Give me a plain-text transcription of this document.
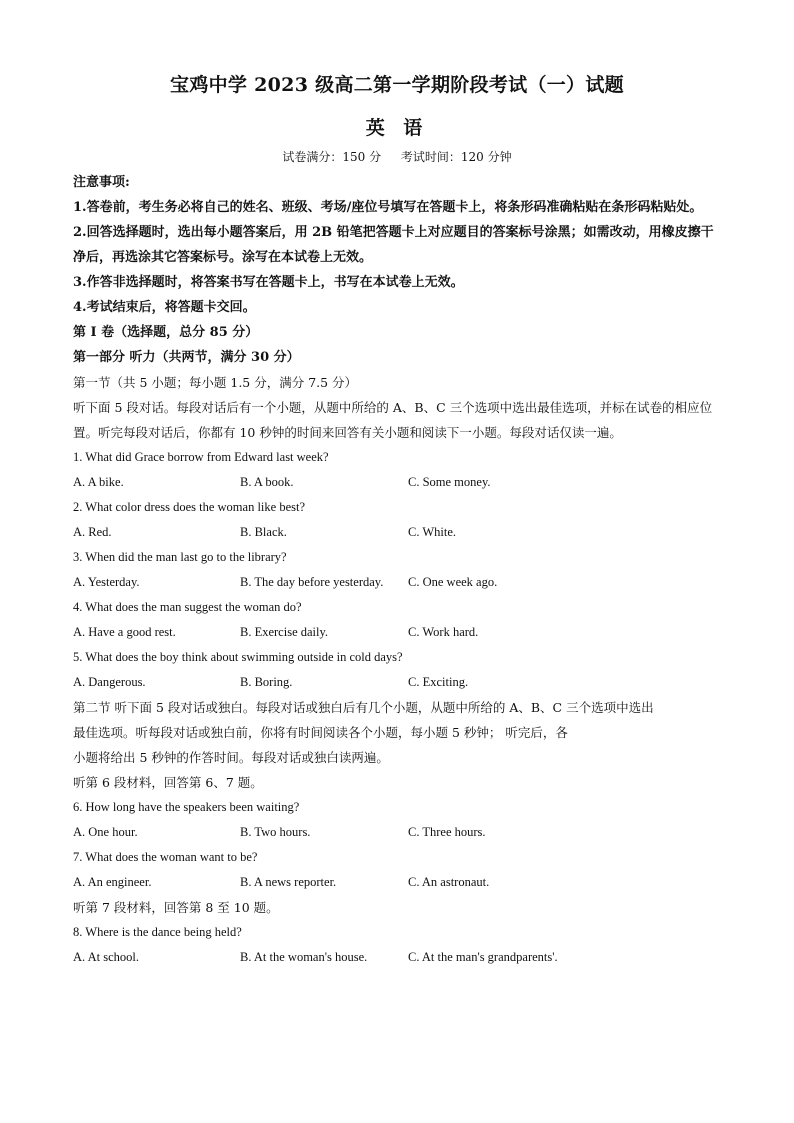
宝鸡中学 2023 级高二第一学期阶段考试（一）试题
英 语
试卷满分：150 分 考试时间：120 分钟
注意事项:
1.答卷前，考生务必将自己的姓名、班级、考场/座位号填写在答题卡上，将条形码准确粘贴在条形码粘贴处。
2.回答选择题时，选出每小题答案后，用 2B 铅笔把答题卡上对应题目的答案标号涂黑；如需改动，用橡皮擦干净后，再选涂其它答案标号。涂写在本试卷上无效。
3.作答非选择题时，将答案书写在答题卡上，书写在本试卷上无效。
4.考试结束后，将答题卡交回。
第 I 卷（选择题，总分 85 分）
第一部分 听力（共两节，满分 30 分）
第一节（共 5 小题；每小题 1.5 分，满分 7.5 分）
听下面 5 段对话。每段对话后有一个小题，从题中所给的 A、B、C 三个选项中选出最佳选项，并标在试卷的相应位置。听完每段对话后，你都有 10 秒钟的时间来回答有关小题和阅读下一小题。每段对话仅读一遍。
1. What did Grace borrow from Edward last week?
A. A bike.	B. A book.	C. Some money.
2. What color dress does the woman like best?
A. Red.	B. Black.	C. White.
3. When did the man last go to the library?
A. Yesterday.	B. The day before yesterday.	C. One week ago.
4. What does the man suggest the woman do?
A. Have a good rest.	B. Exercise daily.	C. Work hard.
5. What does the boy think about swimming outside in cold days?
A. Dangerous.	B. Boring.	C. Exciting.
第二节 听下面 5 段对话或独白。每段对话或独白后有几个小题，从题中所给的 A、B、C 三个选项中选出
最佳选项。听每段对话或独白前，你将有时间阅读各个小题，每小题 5 秒钟； 听完后，各
小题将给出 5 秒钟的作答时间。每段对话或独白读两遍。
听第 6 段材料，回答第 6、7 题。
6. How long have the speakers been waiting?
A. One hour.	B. Two hours.	C. Three hours.
7. What does the woman want to be?
A. An engineer.	B. A news reporter.	C. An astronaut.
听第 7 段材料，回答第 8 至 10 题。
8. Where is the dance being held?
A. At school.	B. At the woman's house.	C. At the man's grandparents'.
